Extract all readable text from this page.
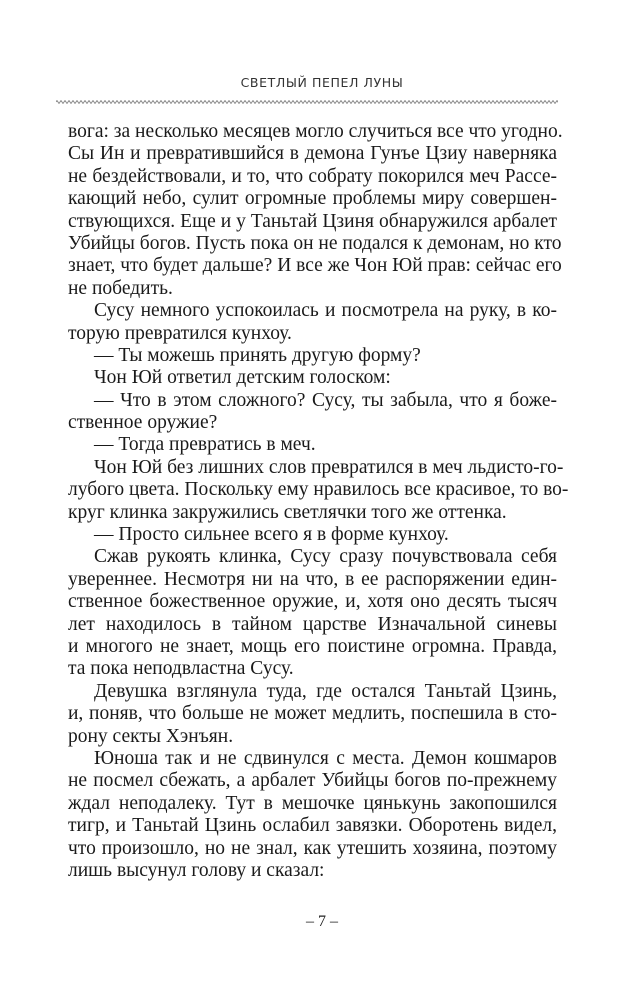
СВЕТЛЫЙ ПЕПЕЛ ЛУНЫ
вога: за несколько месяцев могло случиться все что угодно.
Сы Ин и превратившийся в демона Гунъе Цзиу наверняка
не бездействовали, и то, что собрату покорился меч Рассе-
кающий небо, сулит огромные проблемы миру совершен-
ствующихся. Еще и у Таньтай Цзиня обнаружился арбалет
Убийцы богов. Пусть пока он не подался к демонам, но кто
знает, что будет дальше? И все же Чон Юй прав: сейчас его
не победить.
Сусу немного успокоилась и посмотрела на руку, в ко-
торую превратился кунхоу.
— Ты можешь принять другую форму?
Чон Юй ответил детским голоском:
— Что в этом сложного? Сусу, ты забыла, что я боже-
ственное оружие?
— Тогда превратись в меч.
Чон Юй без лишних слов превратился в меч льдисто-го-
лубого цвета. Поскольку ему нравилось все красивое, то во-
круг клинка закружились светлячки того же оттенка.
— Просто сильнее всего я в форме кунхоу.
Сжав рукоять клинка, Сусу сразу почувствовала себя
увереннее. Несмотря ни на что, в ее распоряжении един-
ственное божественное оружие, и, хотя оно десять тысяч
лет находилось в тайном царстве Изначальной синевы
и многого не знает, мощь его поистине огромна. Правда,
та пока неподвластна Сусу.
Девушка взглянула туда, где остался Таньтай Цзинь,
и, поняв, что больше не может медлить, поспешила в сто-
рону секты Хэнъян.
Юноша так и не сдвинулся с места. Демон кошмаров
не посмел сбежать, а арбалет Убийцы богов по-прежнему
ждал неподалеку. Тут в мешочке цянькунь закопошился
тигр, и Таньтай Цзинь ослабил завязки. Оборотень видел,
что произошло, но не знал, как утешить хозяина, поэтому
лишь высунул голову и сказал:
– 7 –
